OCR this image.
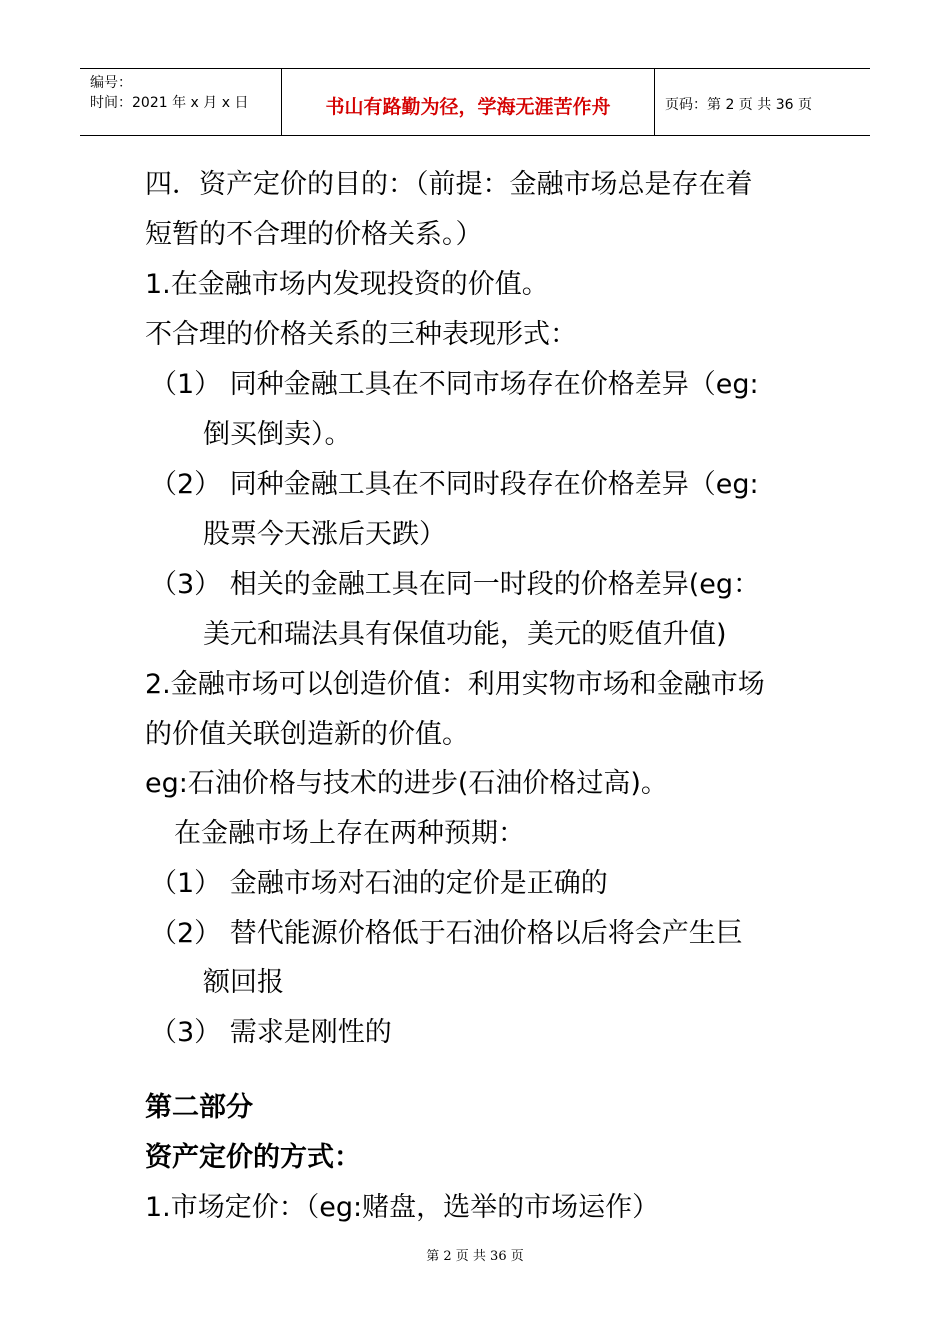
编号：
时间：2021 年 x 月 x 日	书山有路勤为径，学海无涯苦作舟	页码：第 2 页 共 36 页
四．资产定价的目的：（前提：金融市场总是存在着
短暂的不合理的价格关系。）
1.在金融市场内发现投资的价值。
不合理的价格关系的三种表现形式：
（1） 同种金融工具在不同市场存在价格差异（eg:
倒买倒卖）。
（2） 同种金融工具在不同时段存在价格差异（eg:
股票今天涨后天跌）
（3） 相关的金融工具在同一时段的价格差异(eg：
美元和瑞法具有保值功能，美元的贬值升值)
2.金融市场可以创造价值：利用实物市场和金融市场
的价值关联创造新的价值。
eg:石油价格与技术的进步(石油价格过高)。
在金融市场上存在两种预期：
（1） 金融市场对石油的定价是正确的
（2） 替代能源价格低于石油价格以后将会产生巨
额回报
（3） 需求是刚性的
第二部分
资产定价的方式：
1.市场定价：（eg:赌盘，选举的市场运作）
第 2 页 共 36 页
